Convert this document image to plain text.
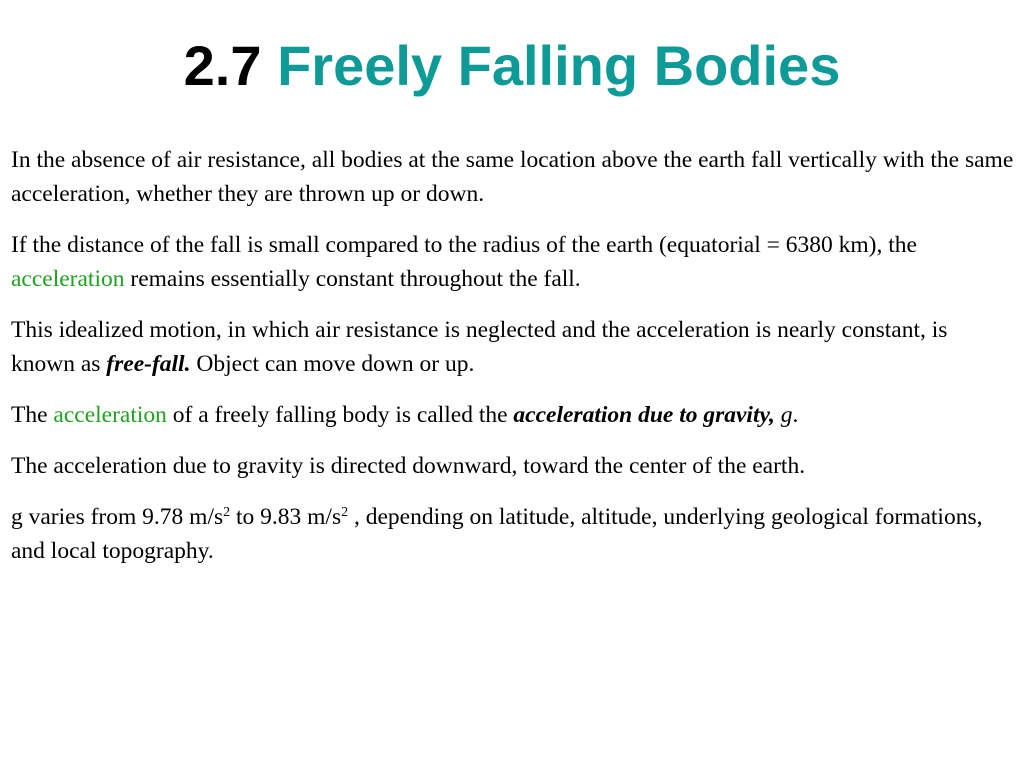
2.7 Freely Falling Bodies

In the absence of air resistance, all bodies at the same location above the earth fall vertically with the same acceleration, whether they are thrown up or down.

If the distance of the fall is small compared to the radius of the earth (equatorial = 6380 km), the acceleration remains essentially constant throughout the fall.

This idealized motion, in which air resistance is neglected and the acceleration is nearly constant, is known as free-fall. Object can move down or up.

The acceleration of a freely falling body is called the acceleration due to gravity, g.

The acceleration due to gravity is directed downward, toward the center of the earth.

g varies from 9.78 $m/s^2$ to 9.83 $m/s^2$ , depending on latitude, altitude, underlying geological formations, and local topography.
